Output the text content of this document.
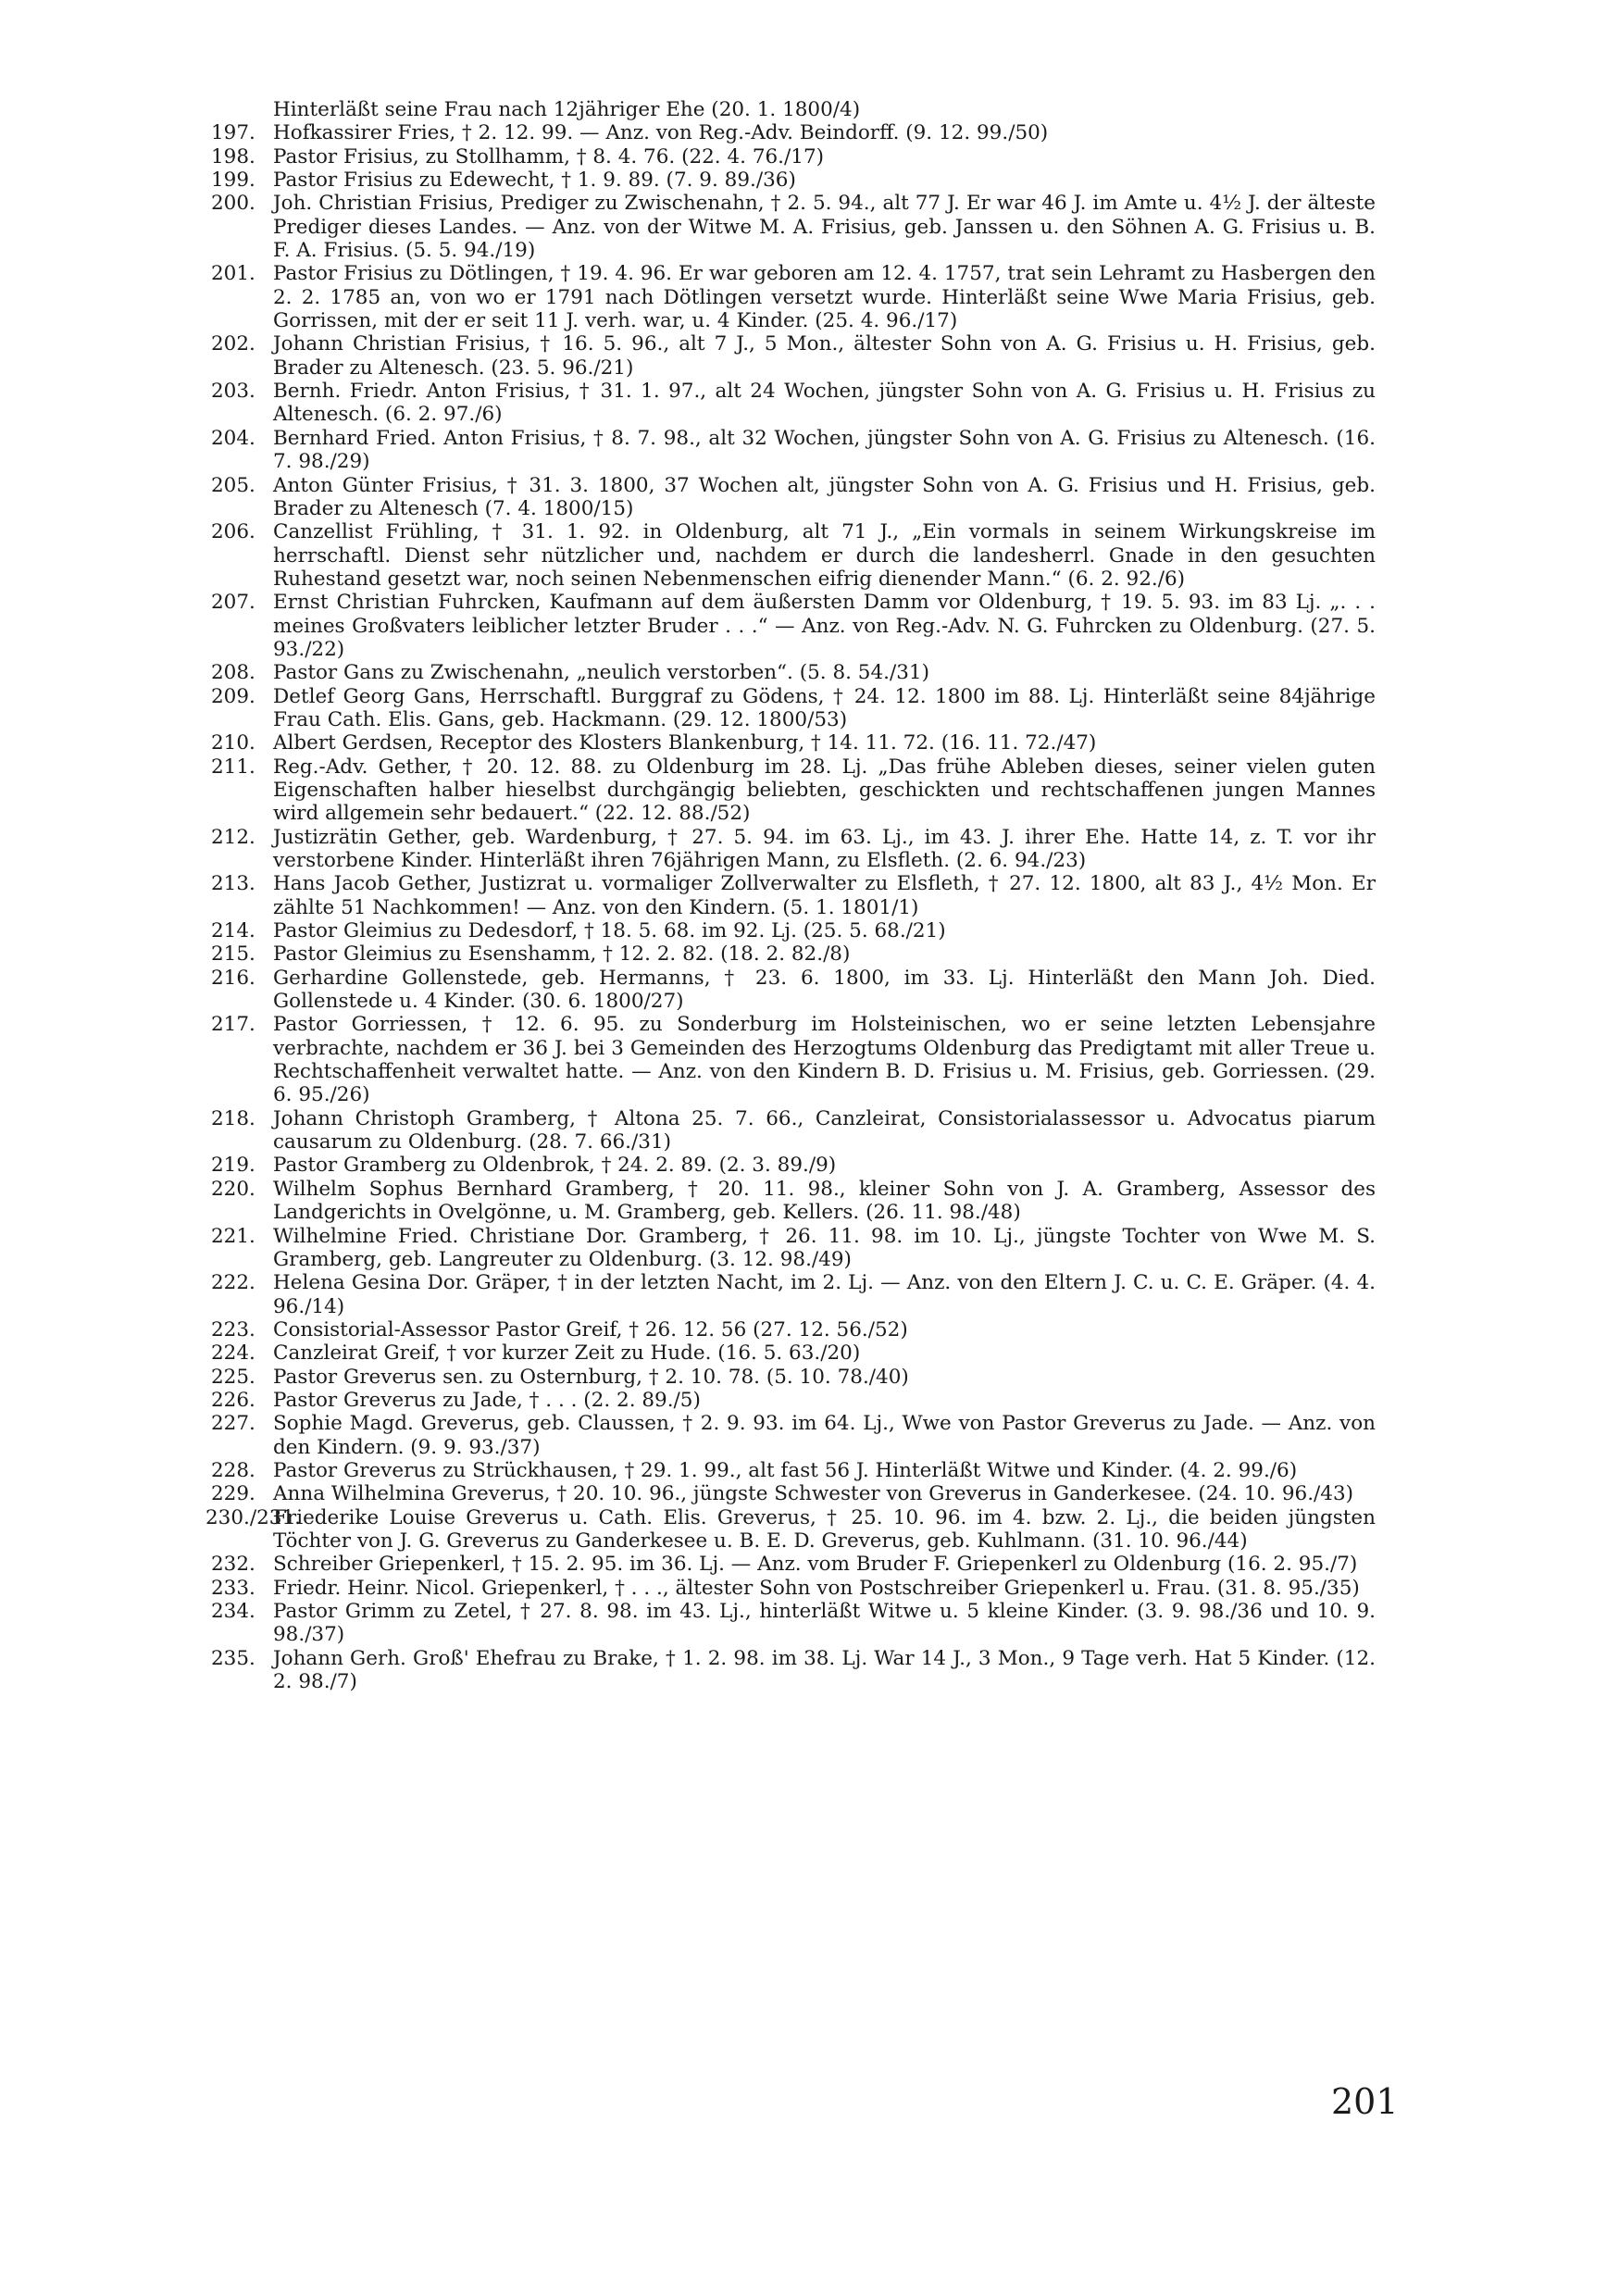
Hinterläßt seine Frau nach 12jähriger Ehe (20. 1. 1800/4)
197. Hofkassirer Fries, † 2. 12. 99. — Anz. von Reg.-Adv. Beindorff. (9. 12. 99./50)
198. Pastor Frisius, zu Stollhamm, † 8. 4. 76. (22. 4. 76./17)
199. Pastor Frisius zu Edewecht, † 1. 9. 89. (7. 9. 89./36)
200. Joh. Christian Frisius, Prediger zu Zwischenahn, † 2. 5. 94., alt 77 J. Er war 46 J. im Amte u. 4½ J. der älteste Prediger dieses Landes. — Anz. von der Witwe M. A. Frisius, geb. Janssen u. den Söhnen A. G. Frisius u. B. F. A. Frisius. (5. 5. 94./19)
201. Pastor Frisius zu Dötlingen, † 19. 4. 96. Er war geboren am 12. 4. 1757, trat sein Lehramt zu Hasbergen den 2. 2. 1785 an, von wo er 1791 nach Dötlingen versetzt wurde. Hinterläßt seine Wwe Maria Frisius, geb. Gorrissen, mit der er seit 11 J. verh. war, u. 4 Kinder. (25. 4. 96./17)
202. Johann Christian Frisius, † 16. 5. 96., alt 7 J., 5 Mon., ältester Sohn von A. G. Frisius u. H. Frisius, geb. Brader zu Altenesch. (23. 5. 96./21)
203. Bernh. Friedr. Anton Frisius, † 31. 1. 97., alt 24 Wochen, jüngster Sohn von A. G. Frisius u. H. Frisius zu Altenesch. (6. 2. 97./6)
204. Bernhard Fried. Anton Frisius, † 8. 7. 98., alt 32 Wochen, jüngster Sohn von A. G. Frisius zu Altenesch. (16. 7. 98./29)
205. Anton Günter Frisius, † 31. 3. 1800, 37 Wochen alt, jüngster Sohn von A. G. Frisius und H. Frisius, geb. Brader zu Altenesch (7. 4. 1800/15)
206. Canzellist Frühling, † 31. 1. 92. in Oldenburg, alt 71 J., „Ein vormals in seinem Wirkungskreise im herrschaftl. Dienst sehr nützlicher und, nachdem er durch die landesherrl. Gnade in den gesuchten Ruhestand gesetzt war, noch seinen Nebenmenschen eifrig dienender Mann.“ (6. 2. 92./6)
207. Ernst Christian Fuhrcken, Kaufmann auf dem äußersten Damm vor Oldenburg, † 19. 5. 93. im 83 Lj. „. . . meines Großvaters leiblicher letzter Bruder . . .“ — Anz. von Reg.-Adv. N. G. Fuhrcken zu Oldenburg. (27. 5. 93./22)
208. Pastor Gans zu Zwischenahn, „neulich verstorben“. (5. 8. 54./31)
209. Detlef Georg Gans, Herrschaftl. Burggraf zu Gödens, † 24. 12. 1800 im 88. Lj. Hinterläßt seine 84jährige Frau Cath. Elis. Gans, geb. Hackmann. (29. 12. 1800/53)
210. Albert Gerdsen, Receptor des Klosters Blankenburg, † 14. 11. 72. (16. 11. 72./47)
211. Reg.-Adv. Gether, † 20. 12. 88. zu Oldenburg im 28. Lj. „Das frühe Ableben dieses, seiner vielen guten Eigenschaften halber hieselbst durchgängig beliebten, geschickten und rechtschaffenen jungen Mannes wird allgemein sehr bedauert.“ (22. 12. 88./52)
212. Justizrätin Gether, geb. Wardenburg, † 27. 5. 94. im 63. Lj., im 43. J. ihrer Ehe. Hatte 14, z. T. vor ihr verstorbene Kinder. Hinterläßt ihren 76jährigen Mann, zu Elsfleth. (2. 6. 94./23)
213. Hans Jacob Gether, Justizrat u. vormaliger Zollverwalter zu Elsfleth, † 27. 12. 1800, alt 83 J., 4½ Mon. Er zählte 51 Nachkommen! — Anz. von den Kindern. (5. 1. 1801/1)
214. Pastor Gleimius zu Dedesdorf, † 18. 5. 68. im 92. Lj. (25. 5. 68./21)
215. Pastor Gleimius zu Esenshamm, † 12. 2. 82. (18. 2. 82./8)
216. Gerhardine Gollenstede, geb. Hermanns, † 23. 6. 1800, im 33. Lj. Hinterläßt den Mann Joh. Died. Gollenstede u. 4 Kinder. (30. 6. 1800/27)
217. Pastor Gorriessen, † 12. 6. 95. zu Sonderburg im Holsteinischen, wo er seine letzten Lebensjahre verbrachte, nachdem er 36 J. bei 3 Gemeinden des Herzogtums Oldenburg das Predigtamt mit aller Treue u. Rechtschaffenheit verwaltet hatte. — Anz. von den Kindern B. D. Frisius u. M. Frisius, geb. Gorriessen. (29. 6. 95./26)
218. Johann Christoph Gramberg, † Altona 25. 7. 66., Canzleirat, Consistorialassessor u. Advocatus piarum causarum zu Oldenburg. (28. 7. 66./31)
219. Pastor Gramberg zu Oldenbrok, † 24. 2. 89. (2. 3. 89./9)
220. Wilhelm Sophus Bernhard Gramberg, † 20. 11. 98., kleiner Sohn von J. A. Gramberg, Assessor des Landgerichts in Ovelgönne, u. M. Gramberg, geb. Kellers. (26. 11. 98./48)
221. Wilhelmine Fried. Christiane Dor. Gramberg, † 26. 11. 98. im 10. Lj., jüngste Tochter von Wwe M. S. Gramberg, geb. Langreuter zu Oldenburg. (3. 12. 98./49)
222. Helena Gesina Dor. Gräper, † in der letzten Nacht, im 2. Lj. — Anz. von den Eltern J. C. u. C. E. Gräper. (4. 4. 96./14)
223. Consistorial-Assessor Pastor Greif, † 26. 12. 56 (27. 12. 56./52)
224. Canzleirat Greif, † vor kurzer Zeit zu Hude. (16. 5. 63./20)
225. Pastor Greverus sen. zu Osternburg, † 2. 10. 78. (5. 10. 78./40)
226. Pastor Greverus zu Jade, † . . . (2. 2. 89./5)
227. Sophie Magd. Greverus, geb. Claussen, † 2. 9. 93. im 64. Lj., Wwe von Pastor Greverus zu Jade. — Anz. von den Kindern. (9. 9. 93./37)
228. Pastor Greverus zu Strückhausen, † 29. 1. 99., alt fast 56 J. Hinterläßt Witwe und Kinder. (4. 2. 99./6)
229. Anna Wilhelmina Greverus, † 20. 10. 96., jüngste Schwester von Greverus in Ganderkesee. (24. 10. 96./43)
230./231.
Friederike Louise Greverus u. Cath. Elis. Greverus, † 25. 10. 96. im 4. bzw. 2. Lj., die beiden jüngsten Töchter von J. G. Greverus zu Ganderkesee u. B. E. D. Greverus, geb. Kuhlmann. (31. 10. 96./44)
232. Schreiber Griepenkerl, † 15. 2. 95. im 36. Lj. — Anz. vom Bruder F. Griepenkerl zu Oldenburg (16. 2. 95./7)
233. Friedr. Heinr. Nicol. Griepenkerl, † . . ., ältester Sohn von Postschreiber Griepenkerl u. Frau. (31. 8. 95./35)
234. Pastor Grimm zu Zetel, † 27. 8. 98. im 43. Lj., hinterläßt Witwe u. 5 kleine Kinder. (3. 9. 98./36 und 10. 9. 98./37)
235. Johann Gerh. Groß' Ehefrau zu Brake, † 1. 2. 98. im 38. Lj. War 14 J., 3 Mon., 9 Tage verh. Hat 5 Kinder. (12. 2. 98./7)
201
